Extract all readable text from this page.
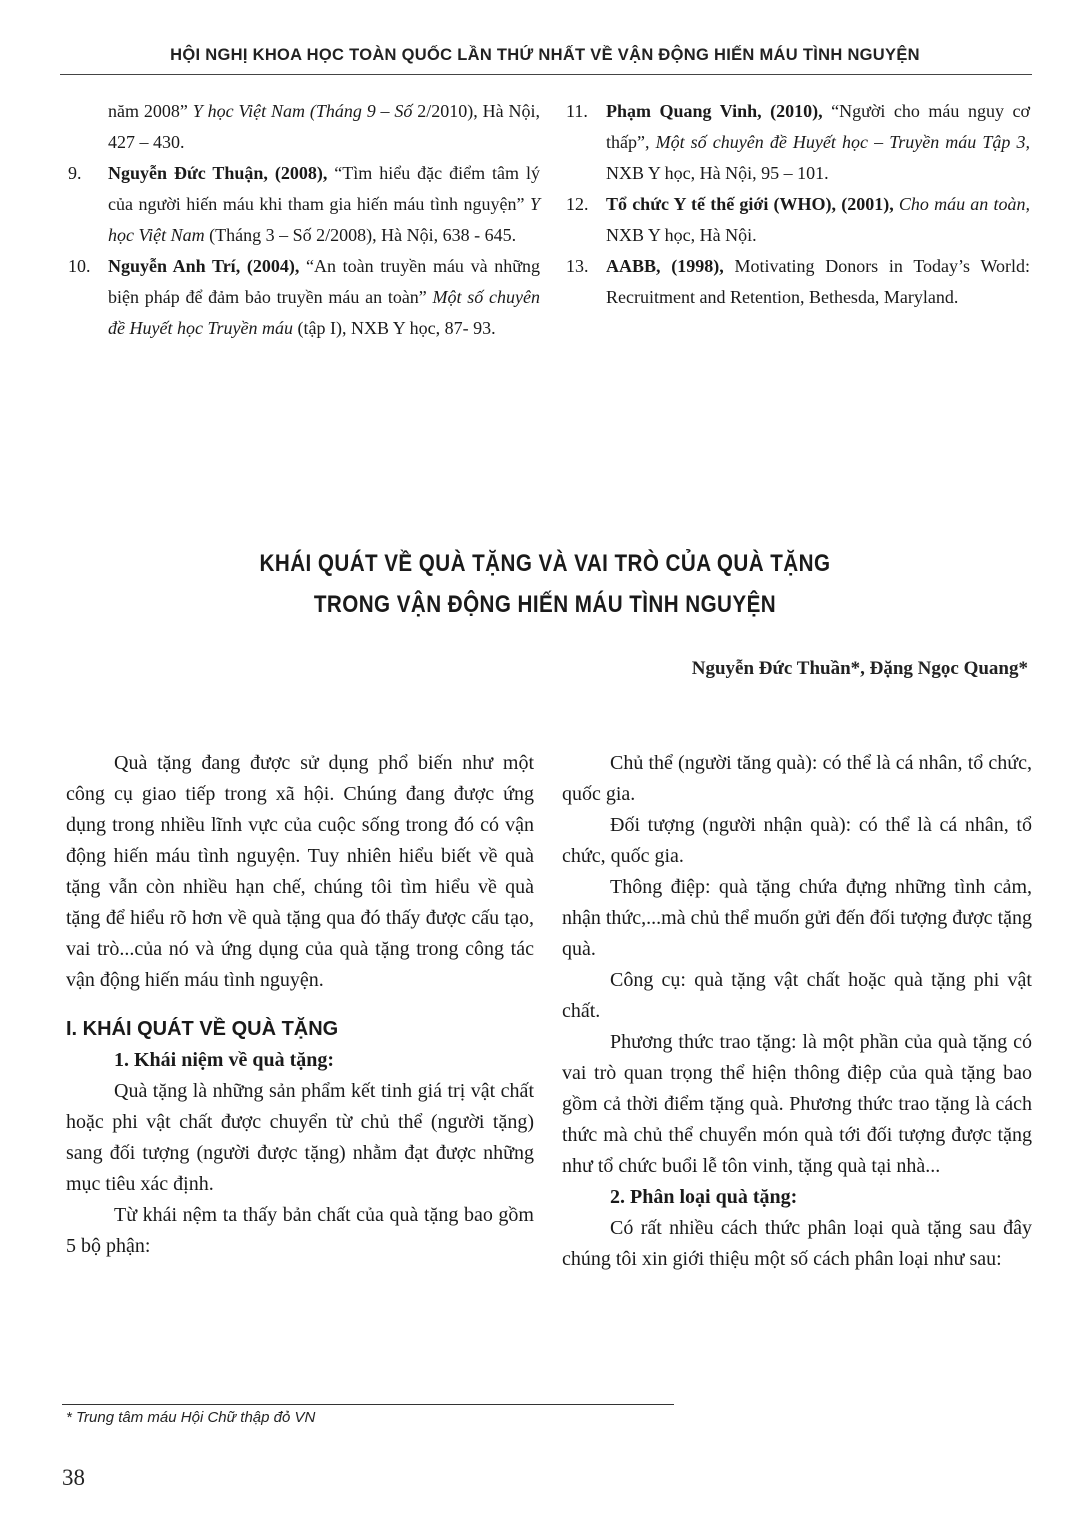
HỘI NGHỊ KHOA HỌC TOÀN QUỐC LẦN THỨ NHẤT VỀ VẬN ĐỘNG HIẾN MÁU TÌNH NGUYỆN

năm 2008” Y học Việt Nam (Tháng 9 – Số 2/2010), Hà Nội, 427 – 430.

9. Nguyễn Đức Thuận, (2008), “Tìm hiểu đặc điểm tâm lý của người hiến máu khi tham gia hiến máu tình nguyện” Y học Việt Nam (Tháng 3 – Số 2/2008), Hà Nội, 638 - 645.

10. Nguyễn Anh Trí, (2004), “An toàn truyền máu và những biện pháp để đảm bảo truyền máu an toàn” Một số chuyên đề Huyết học Truyền máu (tập I), NXB Y học, 87- 93.

11. Phạm Quang Vinh, (2010), “Người cho máu nguy cơ thấp”, Một số chuyên đề Huyết học – Truyền máu Tập 3, NXB Y học, Hà Nội, 95 – 101.

12. Tổ chức Y tế thế giới (WHO), (2001), Cho máu an toàn, NXB Y học, Hà Nội.

13. AABB, (1998), Motivating Donors in Today’s World: Recruitment and Retention, Bethesda, Maryland.

KHÁI QUÁT VỀ QUÀ TẶNG VÀ VAI TRÒ CỦA QUÀ TẶNG
TRONG VẬN ĐỘNG HIẾN MÁU TÌNH NGUYỆN
Nguyễn Đức Thuần*, Đặng Ngọc Quang*

Quà tặng đang được sử dụng phổ biến như một công cụ giao tiếp trong xã hội. Chúng đang được ứng dụng trong nhiều lĩnh vực của cuộc sống trong đó có vận động hiến máu tình nguyện. Tuy nhiên hiểu biết về quà tặng vẫn còn nhiều hạn chế, chúng tôi tìm hiểu về quà tặng để hiểu rõ hơn về quà tặng qua đó thấy được cấu tạo, vai trò...của nó và ứng dụng của quà tặng trong công tác vận động hiến máu tình nguyện.

I. KHÁI QUÁT VỀ QUÀ TẶNG

1. Khái niệm về quà tặng:

Quà tặng là những sản phẩm kết tinh giá trị vật chất hoặc phi vật chất được chuyển từ chủ thể (người tặng) sang đối tượng (người được tặng) nhằm đạt được những mục tiêu xác định.

Từ khái nệm ta thấy bản chất của quà tặng bao gồm 5 bộ phận:

Chủ thể (người tăng quà): có thể là cá nhân, tổ chức, quốc gia.

Đối tượng (người nhận quà): có thể là cá nhân, tổ chức, quốc gia.

Thông điệp: quà tặng chứa đựng những tình cảm, nhận thức,...mà chủ thể muốn gửi đến đối tượng được tặng quà.

Công cụ: quà tặng vật chất hoặc quà tặng phi vật chất.

Phương thức trao tặng: là một phần của quà tặng có vai trò quan trọng thể hiện thông điệp của quà tặng bao gồm cả thời điểm tặng quà. Phương thức trao tặng là cách thức mà chủ thể chuyển món quà tới đối tượng được tặng như tổ chức buổi lễ tôn vinh, tặng quà tại nhà...

2. Phân loại quà tặng:

Có rất nhiều cách thức phân loại quà tặng sau đây chúng tôi xin giới thiệu một số cách phân loại như sau:

* Trung tâm máu Hội Chữ thập đỏ VN
38
